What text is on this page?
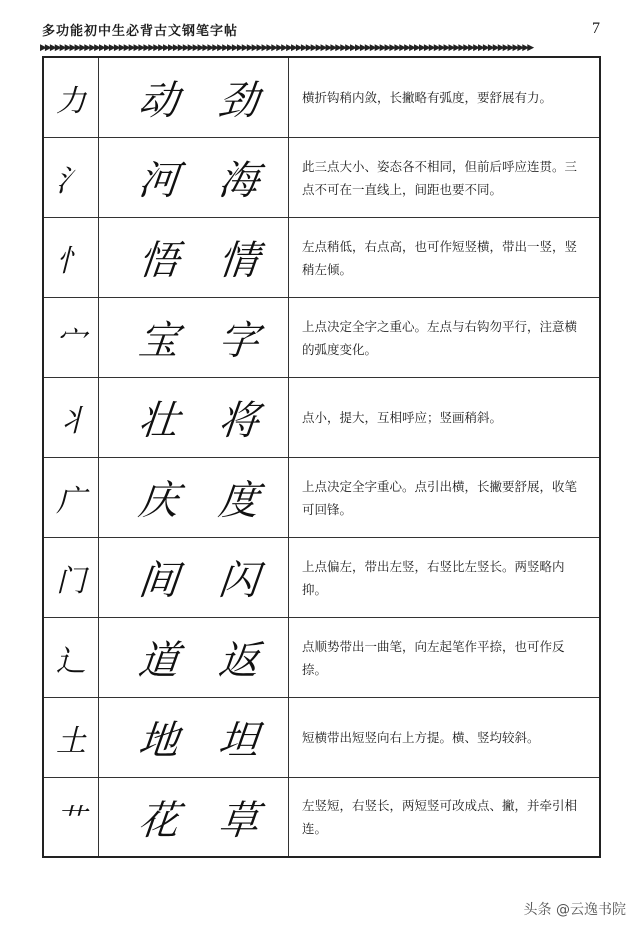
多功能初中生必背古文钢笔字帖	7
▶▶▶▶▶▶▶▶▶▶▶▶▶▶▶▶▶▶▶▶▶▶▶▶▶▶▶▶▶▶▶▶▶▶▶▶▶▶▶▶▶▶▶▶▶▶▶▶▶▶▶▶▶▶▶▶▶▶▶▶▶▶▶▶▶▶▶▶▶▶▶▶▶▶▶▶▶▶▶▶▶▶▶▶▶▶▶▶▶▶▶▶▶▶▶▶▶▶▶▶
力	动 劲	横折钩稍内敛，长撇略有弧度，要舒展有力。
氵	河 海	此三点大小、姿态各不相同，但前后呼应连贯。三点不可在一直线上，间距也要不同。
忄	悟 情	左点稍低，右点高，也可作短竖横，带出一竖，竖稍左倾。
宀	宝 字	上点决定全字之重心。左点与右钩勿平行，注意横的弧度变化。
丬	壮 将	点小，提大，互相呼应；竖画稍斜。
广	庆 度	上点决定全字重心。点引出横，长撇要舒展，收笔可回锋。
门	间 闪	上点偏左，带出左竖，右竖比左竖长。两竖略内抑。
辶	道 返	点顺势带出一曲笔，向左起笔作平捺，也可作反捺。
土	地 坦	短横带出短竖向右上方提。横、竖均较斜。
艹	花 草	左竖短，右竖长，两短竖可改成点、撇，并牵引相连。
头条 @云逸书院
